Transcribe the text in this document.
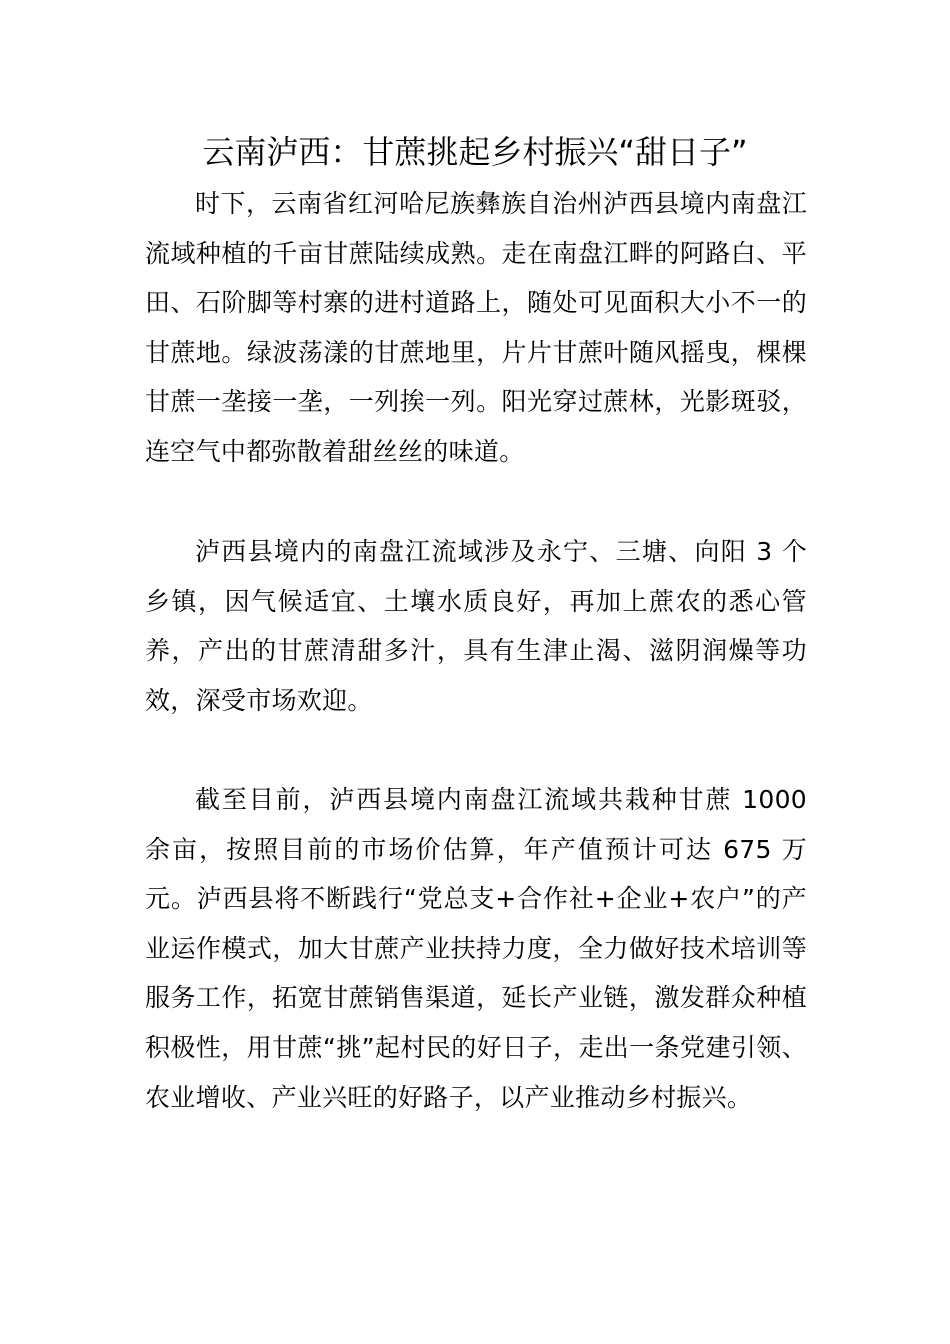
云南泸西：甘蔗挑起乡村振兴“甜日子”

时下，云南省红河哈尼族彝族自治州泸西县境内南盘江流域种植的千亩甘蔗陆续成熟。走在南盘江畔的阿路白、平田、石阶脚等村寨的进村道路上，随处可见面积大小不一的甘蔗地。绿波荡漾的甘蔗地里，片片甘蔗叶随风摇曳，棵棵甘蔗一垄接一垄，一列挨一列。阳光穿过蔗林，光影斑驳，连空气中都弥散着甜丝丝的味道。

泸西县境内的南盘江流域涉及永宁、三塘、向阳 3 个乡镇，因气候适宜、土壤水质良好，再加上蔗农的悉心管养，产出的甘蔗清甜多汁，具有生津止渴、滋阴润燥等功效，深受市场欢迎。

截至目前，泸西县境内南盘江流域共栽种甘蔗 1000 余亩，按照目前的市场价估算，年产值预计可达 675 万元。泸西县将不断践行“党总支+合作社+企业+农户”的产业运作模式，加大甘蔗产业扶持力度，全力做好技术培训等服务工作，拓宽甘蔗销售渠道，延长产业链，激发群众种植积极性，用甘蔗“挑”起村民的好日子，走出一条党建引领、农业增收、产业兴旺的好路子，以产业推动乡村振兴。
